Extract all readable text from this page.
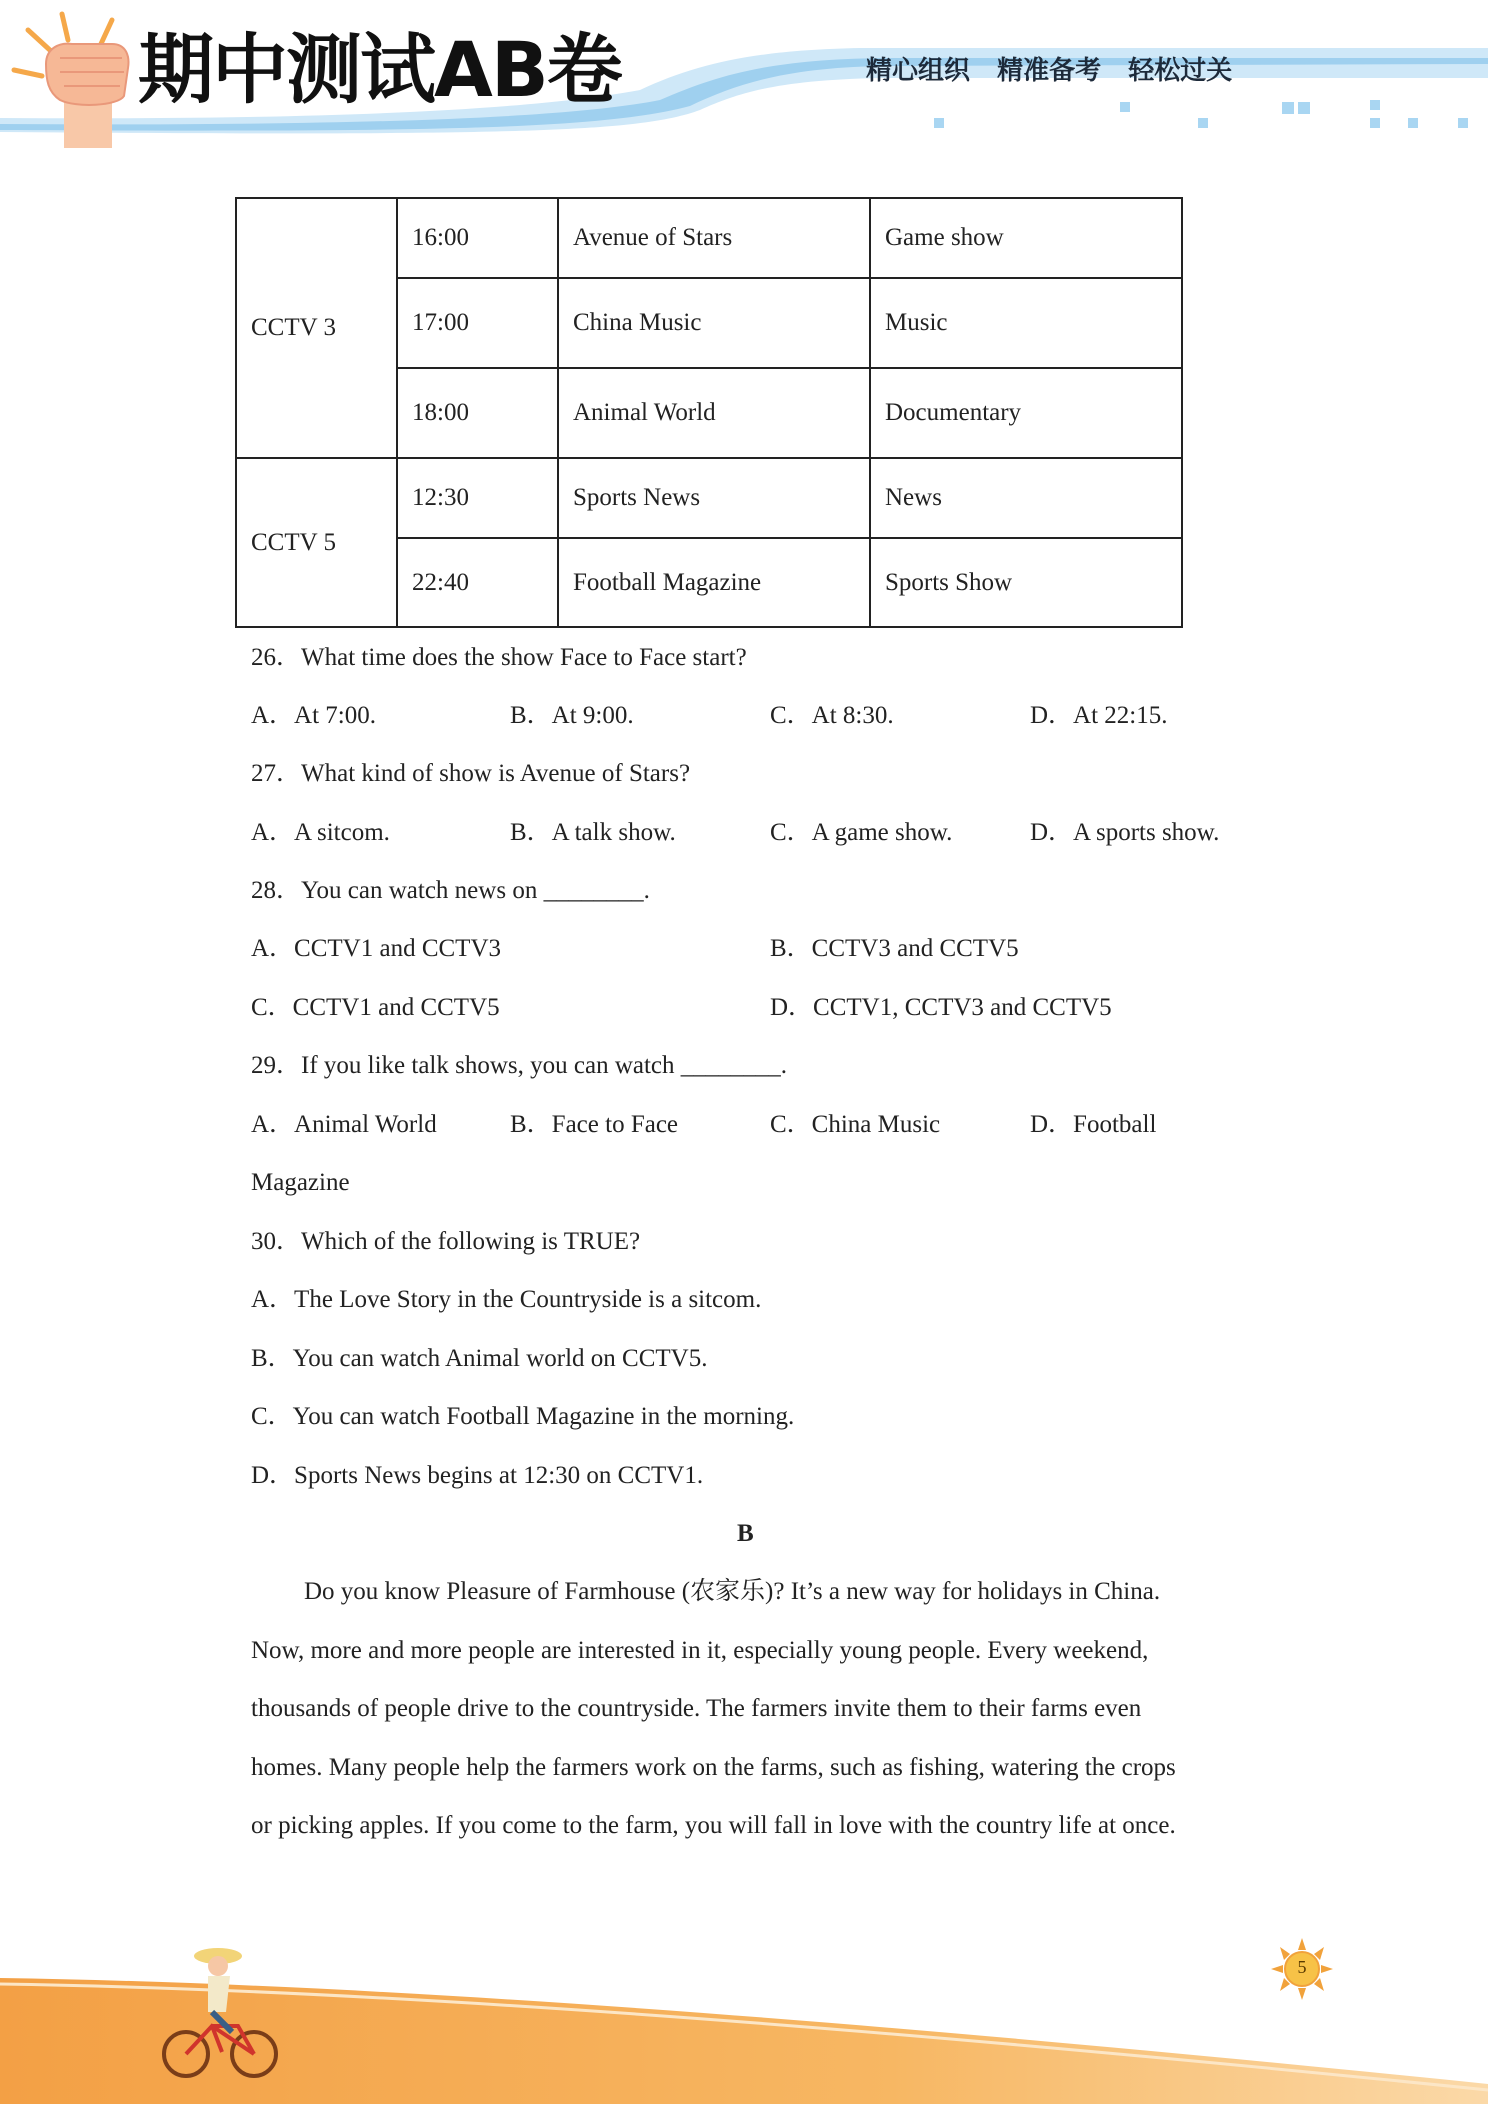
期中测试AB卷	精心组织   精准备考   轻松过关
CCTV 3	16:00	Avenue of Stars	Game show
	17:00	China Music	Music
	18:00	Animal World	Documentary
CCTV 5	12:30	Sports News	News
	22:40	Football Magazine	Sports Show
26．What time does the show Face to Face start?
A．At 7:00.	B．At 9:00.	C．At 8:30.	D．At 22:15.
27．What kind of show is Avenue of Stars?
A．A sitcom.	B．A talk show.	C．A game show.	D．A sports show.
28．You can watch news on ________.
A．CCTV1 and CCTV3	B．CCTV3 and CCTV5
C．CCTV1 and CCTV5	D．CCTV1, CCTV3 and CCTV5
29．If you like talk shows, you can watch ________.
A．Animal World	B．Face to Face	C．China Music	D．Football
Magazine
30．Which of the following is TRUE?
A．The Love Story in the Countryside is a sitcom.
B．You can watch Animal world on CCTV5.
C．You can watch Football Magazine in the morning.
D．Sports News begins at 12:30 on CCTV1.
B
Do you know Pleasure of Farmhouse (农家乐)? It’s a new way for holidays in China.
Now, more and more people are interested in it, especially young people. Every weekend,
thousands of people drive to the countryside. The farmers invite them to their farms even
homes. Many people help the farmers work on the farms, such as fishing, watering the crops
or picking apples. If you come to the farm, you will fall in love with the country life at once.
5
